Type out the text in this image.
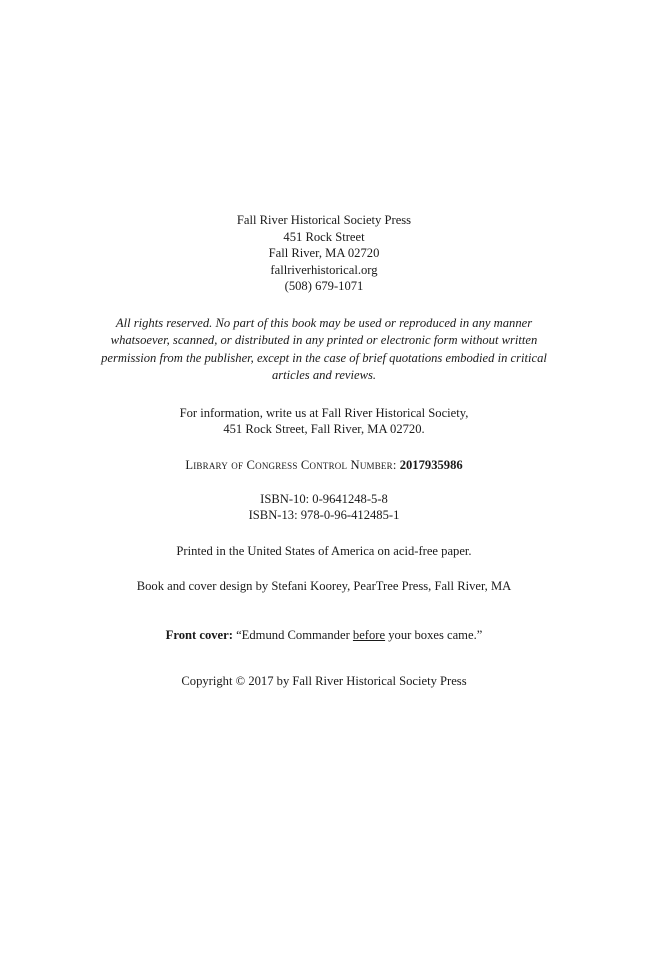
Fall River Historical Society Press
451 Rock Street
Fall River, MA 02720
fallriverhistorical.org
(508) 679-1071

All rights reserved. No part of this book may be used or reproduced in any manner whatsoever, scanned, or distributed in any printed or electronic form without written permission from the publisher, except in the case of brief quotations embodied in critical articles and reviews.

For information, write us at Fall River Historical Society,
451 Rock Street, Fall River, MA 02720.
Library of Congress Control Number: 2017935986
ISBN-10: 0-9641248-5-8
ISBN-13: 978-0-96-412485-1
Printed in the United States of America on acid-free paper.
Book and cover design by Stefani Koorey, PearTree Press, Fall River, MA
Front cover: “Edmund Commander before your boxes came.”
Copyright © 2017 by Fall River Historical Society Press
